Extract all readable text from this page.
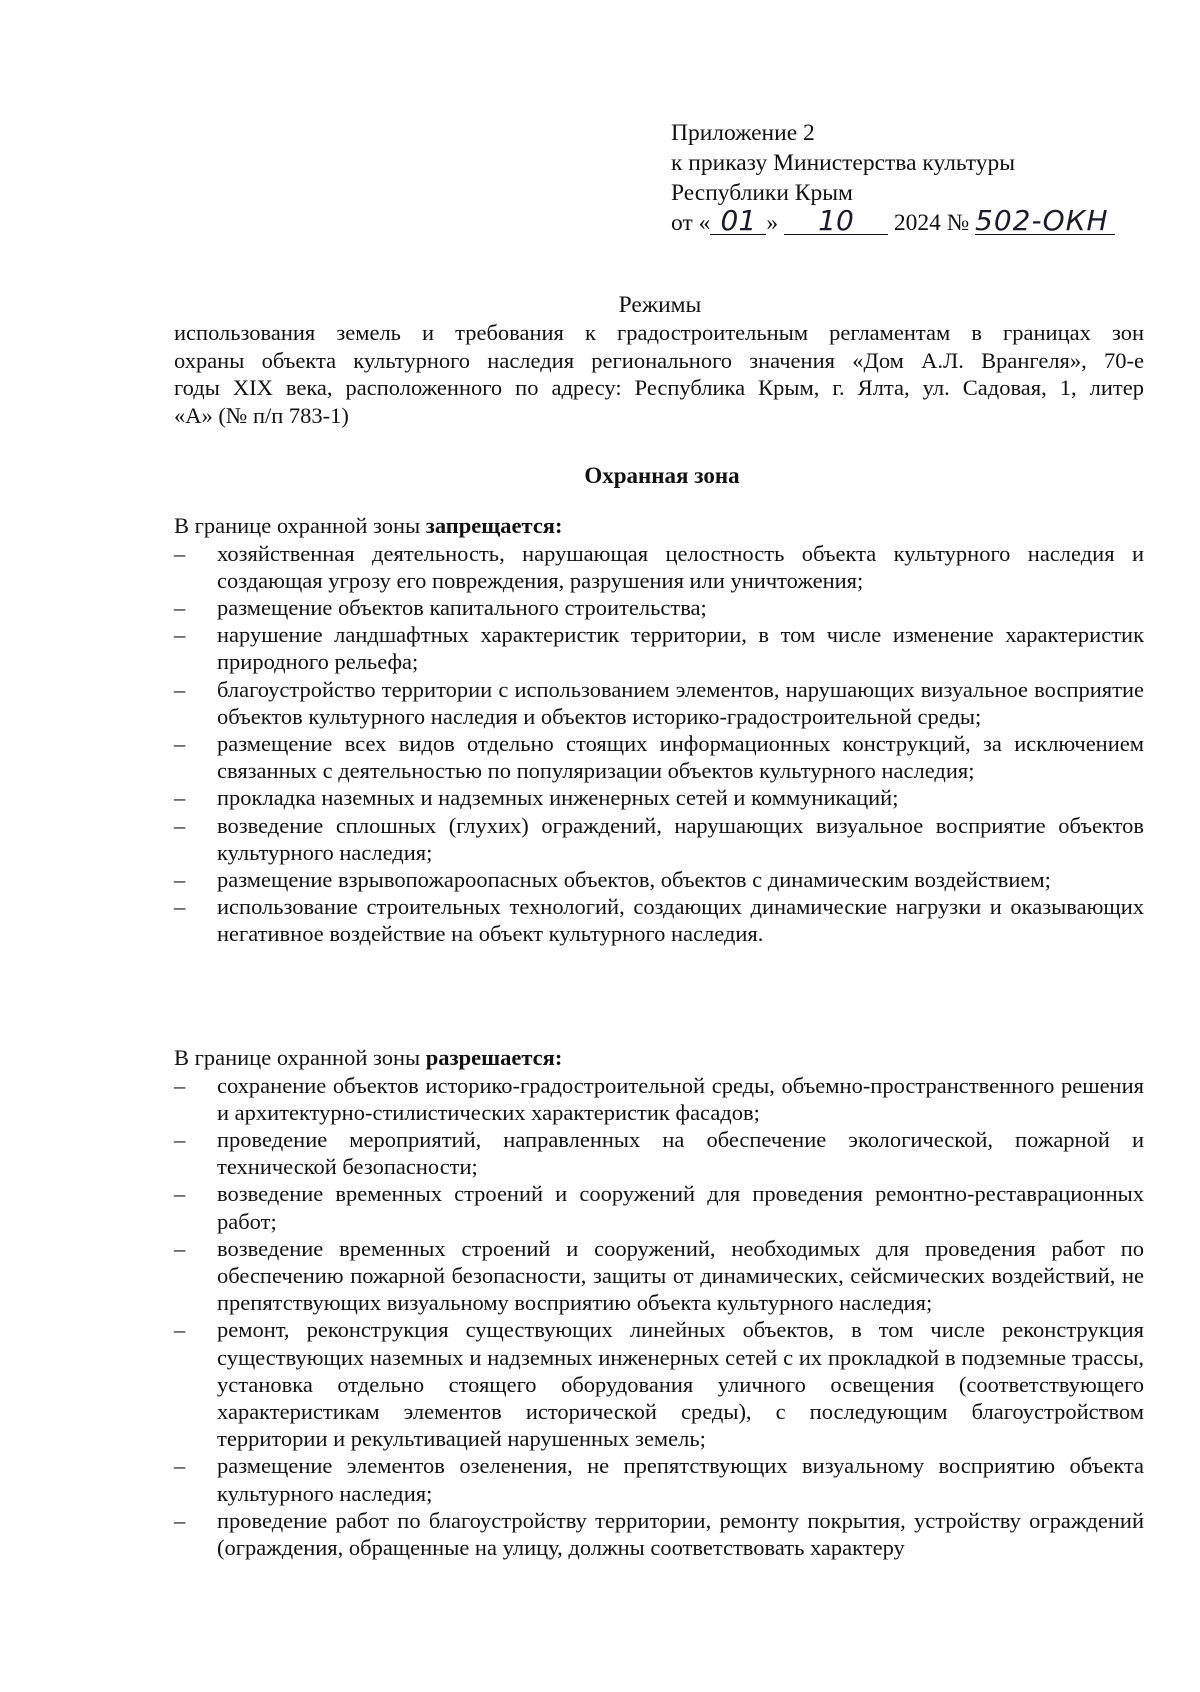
Приложение 2
к приказу Министерства культуры
Республики Крым
от « 01 » 10 2024 № 502-ОКН
Режимы
использования земель и требования к градостроительным регламентам в границах зон
охраны объекта культурного наследия регионального значения «Дом А.Л. Врангеля», 70-е
годы XIX века, расположенного по адресу: Республика Крым, г. Ялта, ул. Садовая, 1, литер
«А» (№ п/п 783-1)
Охранная зона
В границе охранной зоны запрещается:
– хозяйственная деятельность, нарушающая целостность объекта культурного наследия и создающая угрозу его повреждения, разрушения или уничтожения;
– размещение объектов капитального строительства;
– нарушение ландшафтных характеристик территории, в том числе изменение характеристик природного рельефа;
– благоустройство территории с использованием элементов, нарушающих визуальное восприятие объектов культурного наследия и объектов историко-градостроительной среды;
– размещение всех видов отдельно стоящих информационных конструкций, за исключением связанных с деятельностью по популяризации объектов культурного наследия;
– прокладка наземных и надземных инженерных сетей и коммуникаций;
– возведение сплошных (глухих) ограждений, нарушающих визуальное восприятие объектов культурного наследия;
– размещение взрывопожароопасных объектов, объектов с динамическим воздействием;
– использование строительных технологий, создающих динамические нагрузки и оказывающих негативное воздействие на объект культурного наследия.
В границе охранной зоны разрешается:
– сохранение объектов историко-градостроительной среды, объемно-пространственного решения и архитектурно-стилистических характеристик фасадов;
– проведение мероприятий, направленных на обеспечение экологической, пожарной и технической безопасности;
– возведение временных строений и сооружений для проведения ремонтно-реставрационных работ;
– возведение временных строений и сооружений, необходимых для проведения работ по обеспечению пожарной безопасности, защиты от динамических, сейсмических воздействий, не препятствующих визуальному восприятию объекта культурного наследия;
– ремонт, реконструкция существующих линейных объектов, в том числе реконструкция существующих наземных и надземных инженерных сетей с их прокладкой в подземные трассы, установка отдельно стоящего оборудования уличного освещения (соответствующего характеристикам элементов исторической среды), с последующим благоустройством территории и рекультивацией нарушенных земель;
– размещение элементов озеленения, не препятствующих визуальному восприятию объекта культурного наследия;
– проведение работ по благоустройству территории, ремонту покрытия, устройству ограждений (ограждения, обращенные на улицу, должны соответствовать характеру
